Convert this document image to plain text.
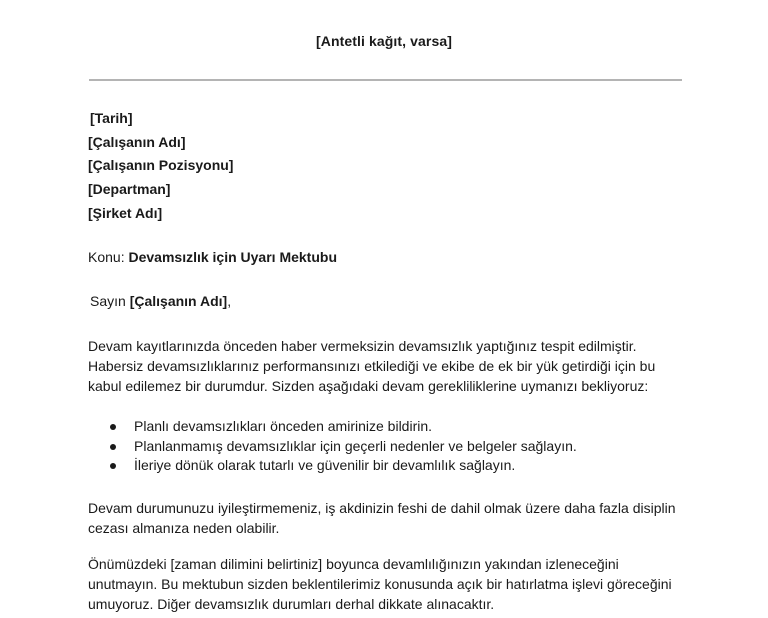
[Antetli kağıt, varsa]
[Tarih]
[Çalışanın Adı]
[Çalışanın Pozisyonu]
[Departman]
[Şirket Adı]
Konu: Devamsızlık için Uyarı Mektubu
Sayın [Çalışanın Adı],
Devam kayıtlarınızda önceden haber vermeksizin devamsızlık yaptığınız tespit edilmiştir.
Habersiz devamsızlıklarınız performansınızı etkilediği ve ekibe de ek bir yük getirdiği için bu
kabul edilemez bir durumdur. Sizden aşağıdaki devam gerekliliklerine uymanızı bekliyoruz:
Planlı devamsızlıkları önceden amirinize bildirin.
Planlanmamış devamsızlıklar için geçerli nedenler ve belgeler sağlayın.
İleriye dönük olarak tutarlı ve güvenilir bir devamlılık sağlayın.
Devam durumunuzu iyileştirmemeniz, iş akdinizin feshi de dahil olmak üzere daha fazla disiplin
cezası almanıza neden olabilir.
Önümüzdeki [zaman dilimini belirtiniz] boyunca devamlılığınızın yakından izleneceğini
unutmayın. Bu mektubun sizden beklentilerimiz konusunda açık bir hatırlatma işlevi göreceğini
umuyoruz. Diğer devamsızlık durumları derhal dikkate alınacaktır.
